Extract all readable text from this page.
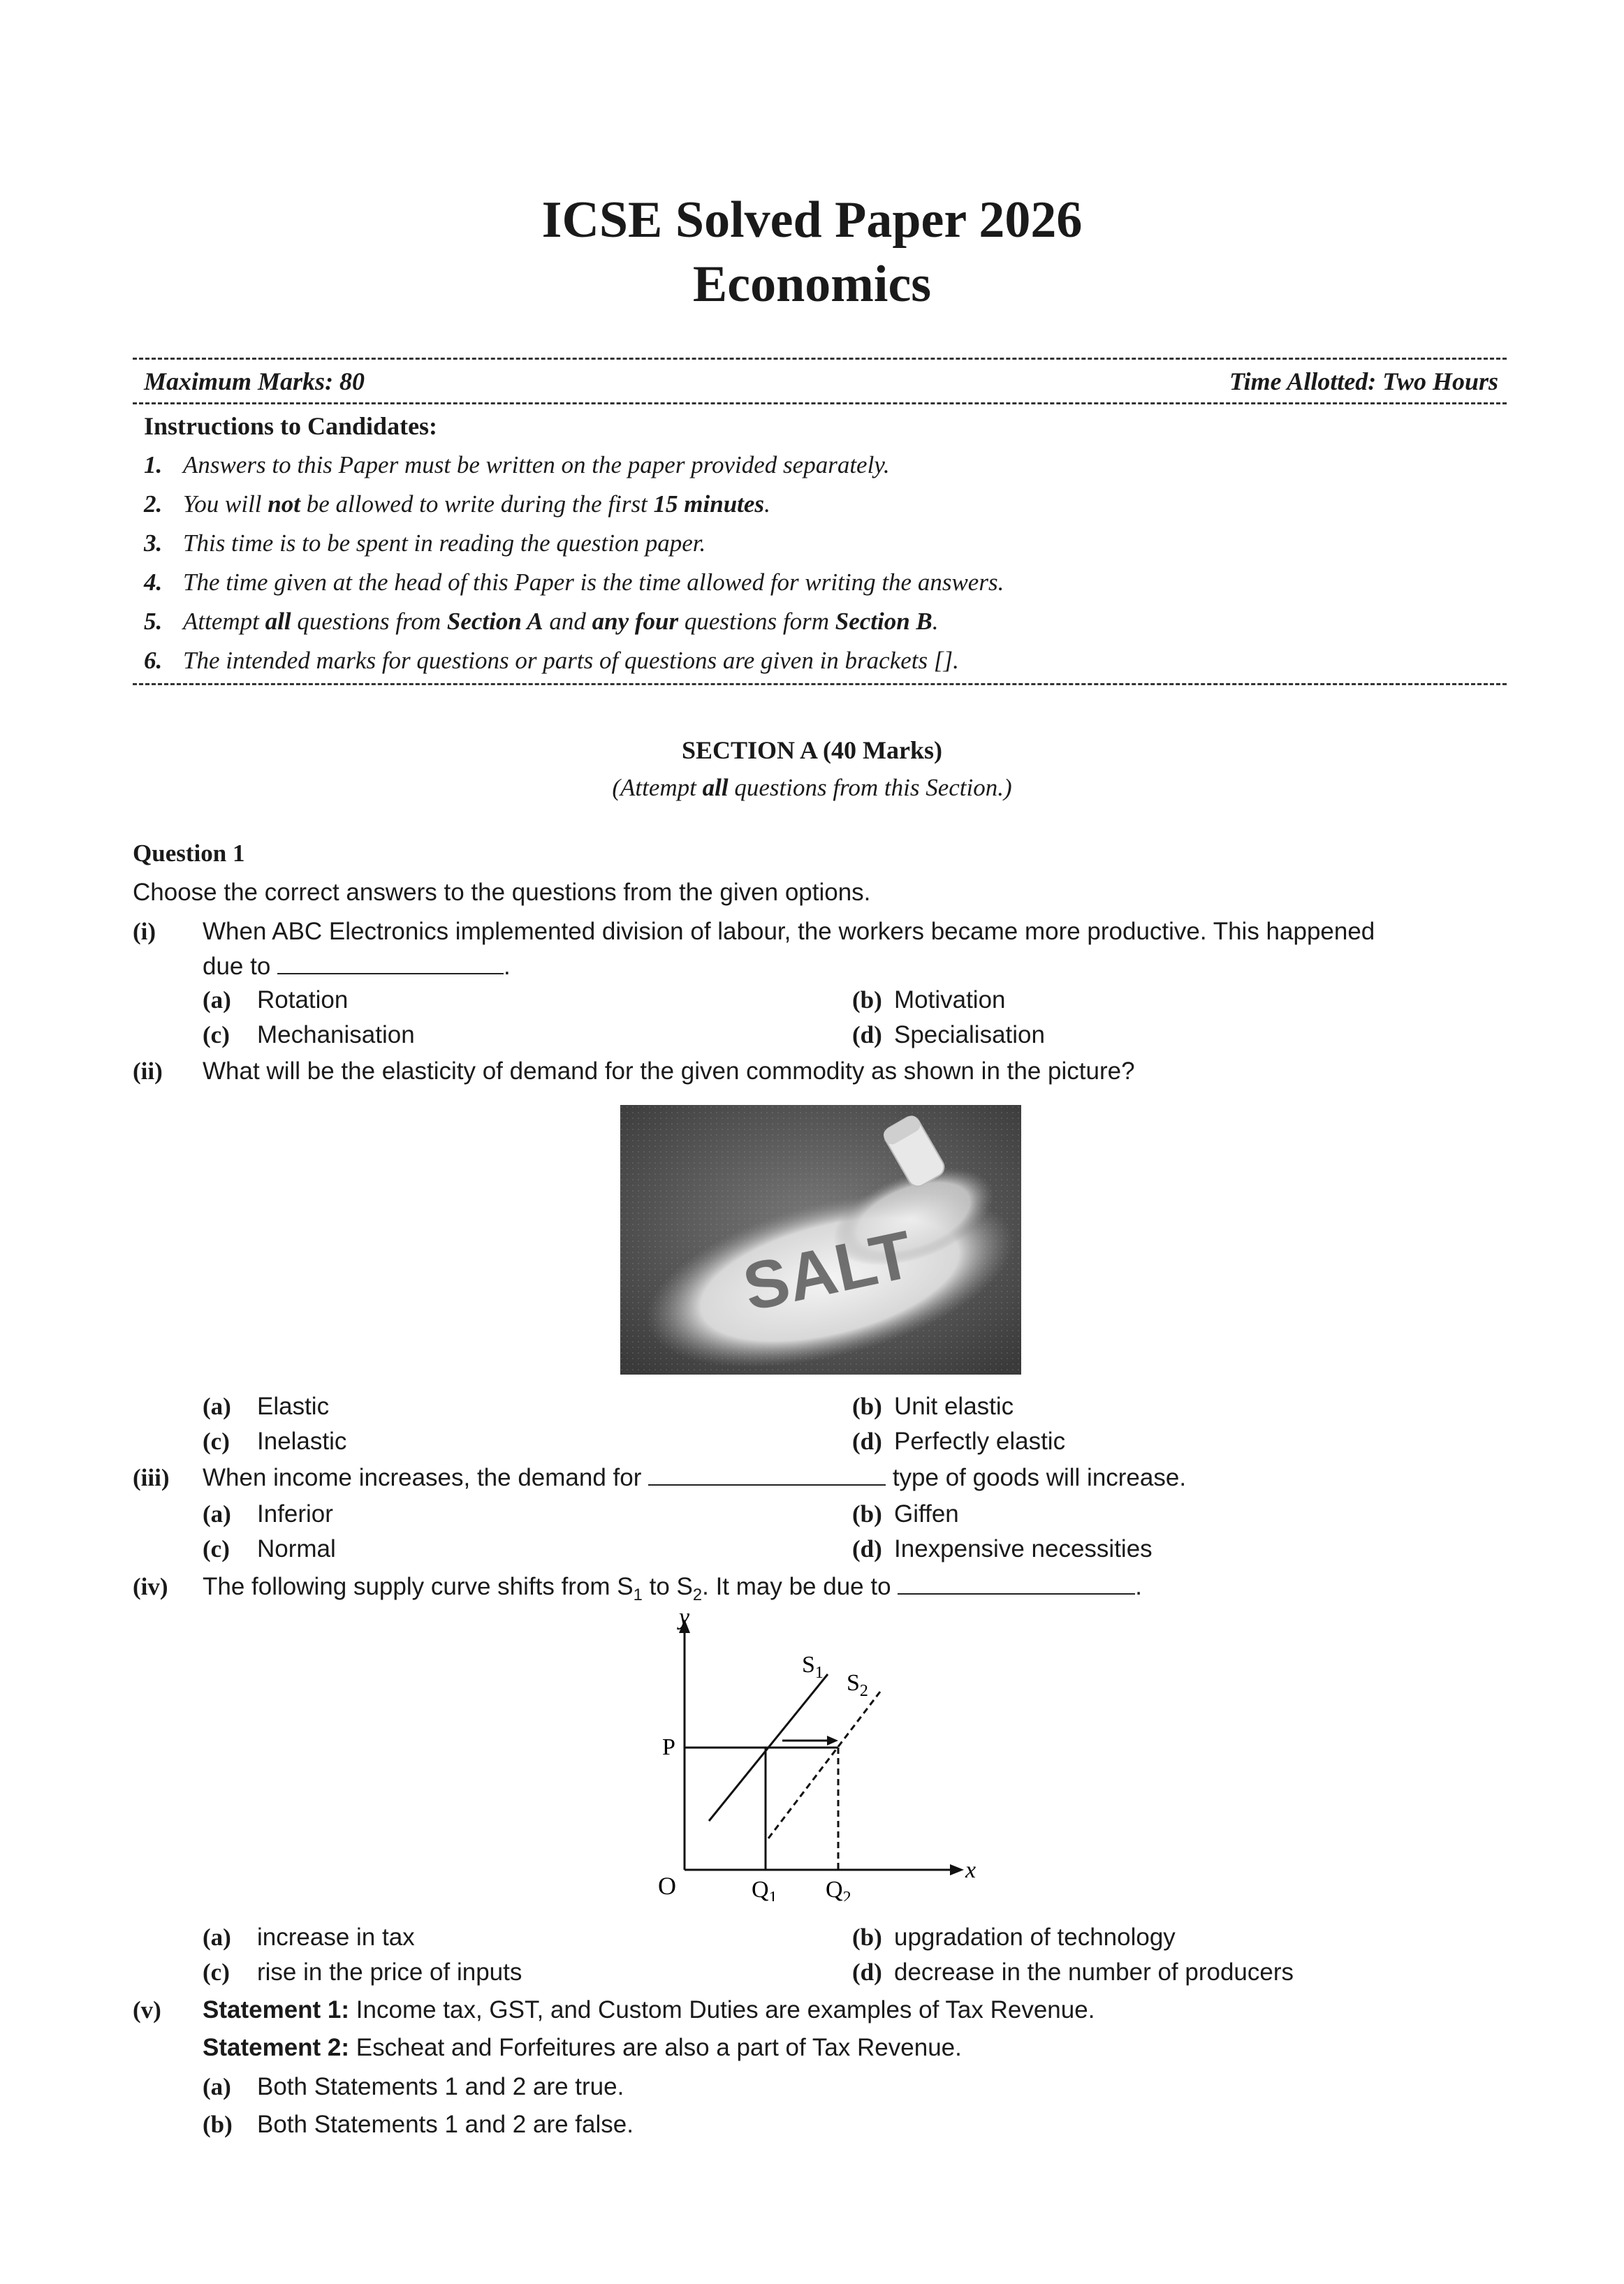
ICSE Solved Paper 2026
Economics
Maximum Marks: 80	Time Allotted: Two Hours
Instructions to Candidates:
1. Answers to this Paper must be written on the paper provided separately.
2. You will not be allowed to write during the first 15 minutes.
3. This time is to be spent in reading the question paper.
4. The time given at the head of this Paper is the time allowed for writing the answers.
5. Attempt all questions from Section A and any four questions form Section B.
6. The intended marks for questions or parts of questions are given in brackets [].
SECTION A (40 Marks)
(Attempt all questions from this Section.)
Question 1
Choose the correct answers to the questions from the given options.
(i) When ABC Electronics implemented division of labour, the workers became more productive. This happened
due to	.
(a) Rotation	(b) Motivation
(c) Mechanisation	(d) Specialisation
(ii) What will be the elasticity of demand for the given commodity as shown in the picture?
SALT
(a) Elastic	(b) Unit elastic
(c) Inelastic	(d) Perfectly elastic
(iii) When income increases, the demand for	type of goods will increase.
(a) Inferior	(b) Giffen
(c) Normal	(d) Inexpensive necessities
(iv) The following supply curve shifts from $S_1$ to $S_2$. It may be due to	.
y
x
O
P
$S_1$ $S_2$
$Q_1$ $Q_2$
(a) increase in tax	(b) upgradation of technology
(c) rise in the price of inputs	(d) decrease in the number of producers
(v) Statement 1: Income tax, GST, and Custom Duties are examples of Tax Revenue.
Statement 2: Escheat and Forfeitures are also a part of Tax Revenue.
(a) Both Statements 1 and 2 are true.
(b) Both Statements 1 and 2 are false.
